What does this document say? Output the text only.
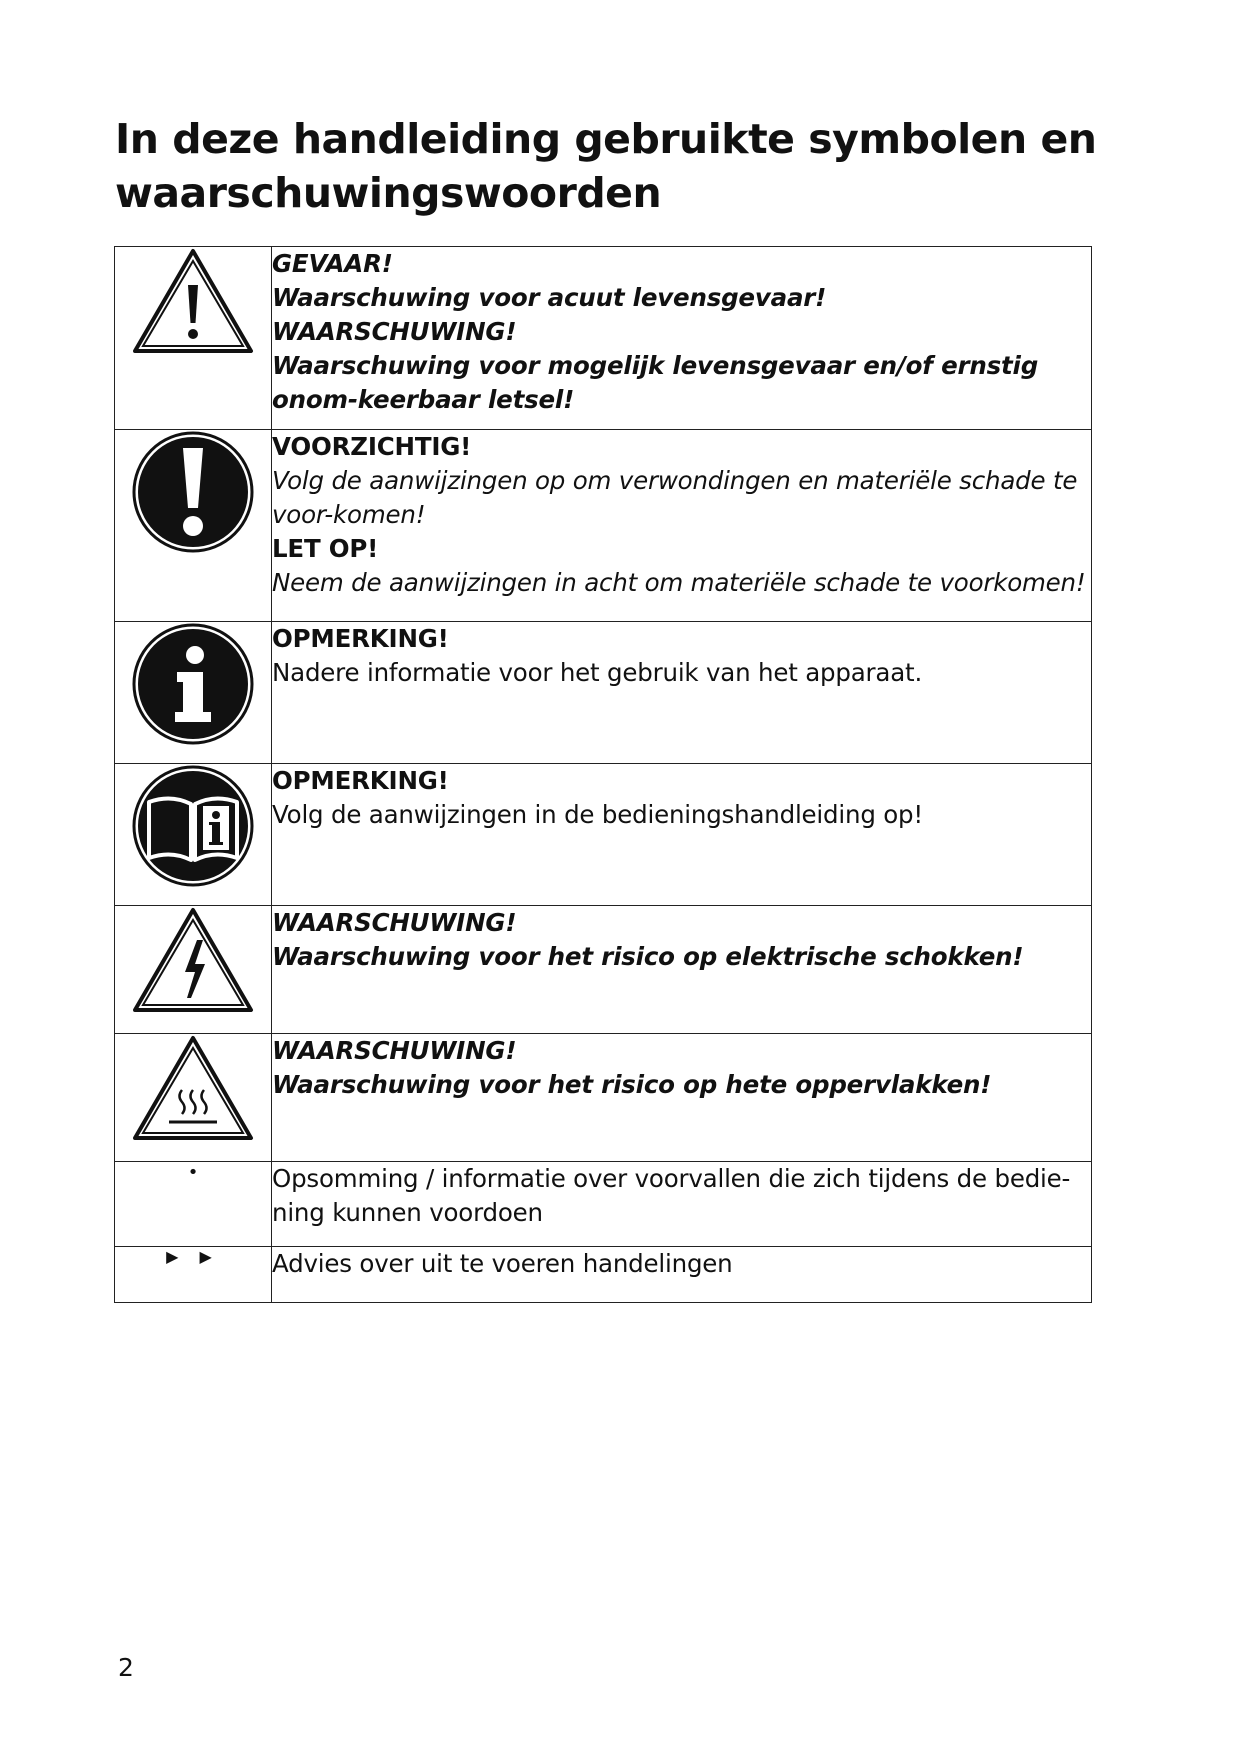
In deze handleiding gebruikte symbolen en waarschuwingswoorden

GEVAAR!
Waarschuwing voor acuut levensgevaar!
WAARSCHUWING!
Waarschuwing voor mogelijk levensgevaar en/of ernstig onom-keerbaar letsel!

VOORZICHTIG!
Volg de aanwijzingen op om verwondingen en materiële schade te voor-komen!
LET OP!
Neem de aanwijzingen in acht om materiële schade te voorkomen!

OPMERKING!
Nadere informatie voor het gebruik van het apparaat.

OPMERKING!
Volg de aanwijzingen in de bedieningshandleiding op!

WAARSCHUWING!
Waarschuwing voor het risico op elektrische schokken!

WAARSCHUWING!
Waarschuwing voor het risico op hete oppervlakken!

•	Opsomming / informatie over voorvallen die zich tijdens de bedie-ning kunnen voordoen

▶ ▶	Advies over uit te voeren handelingen
2
